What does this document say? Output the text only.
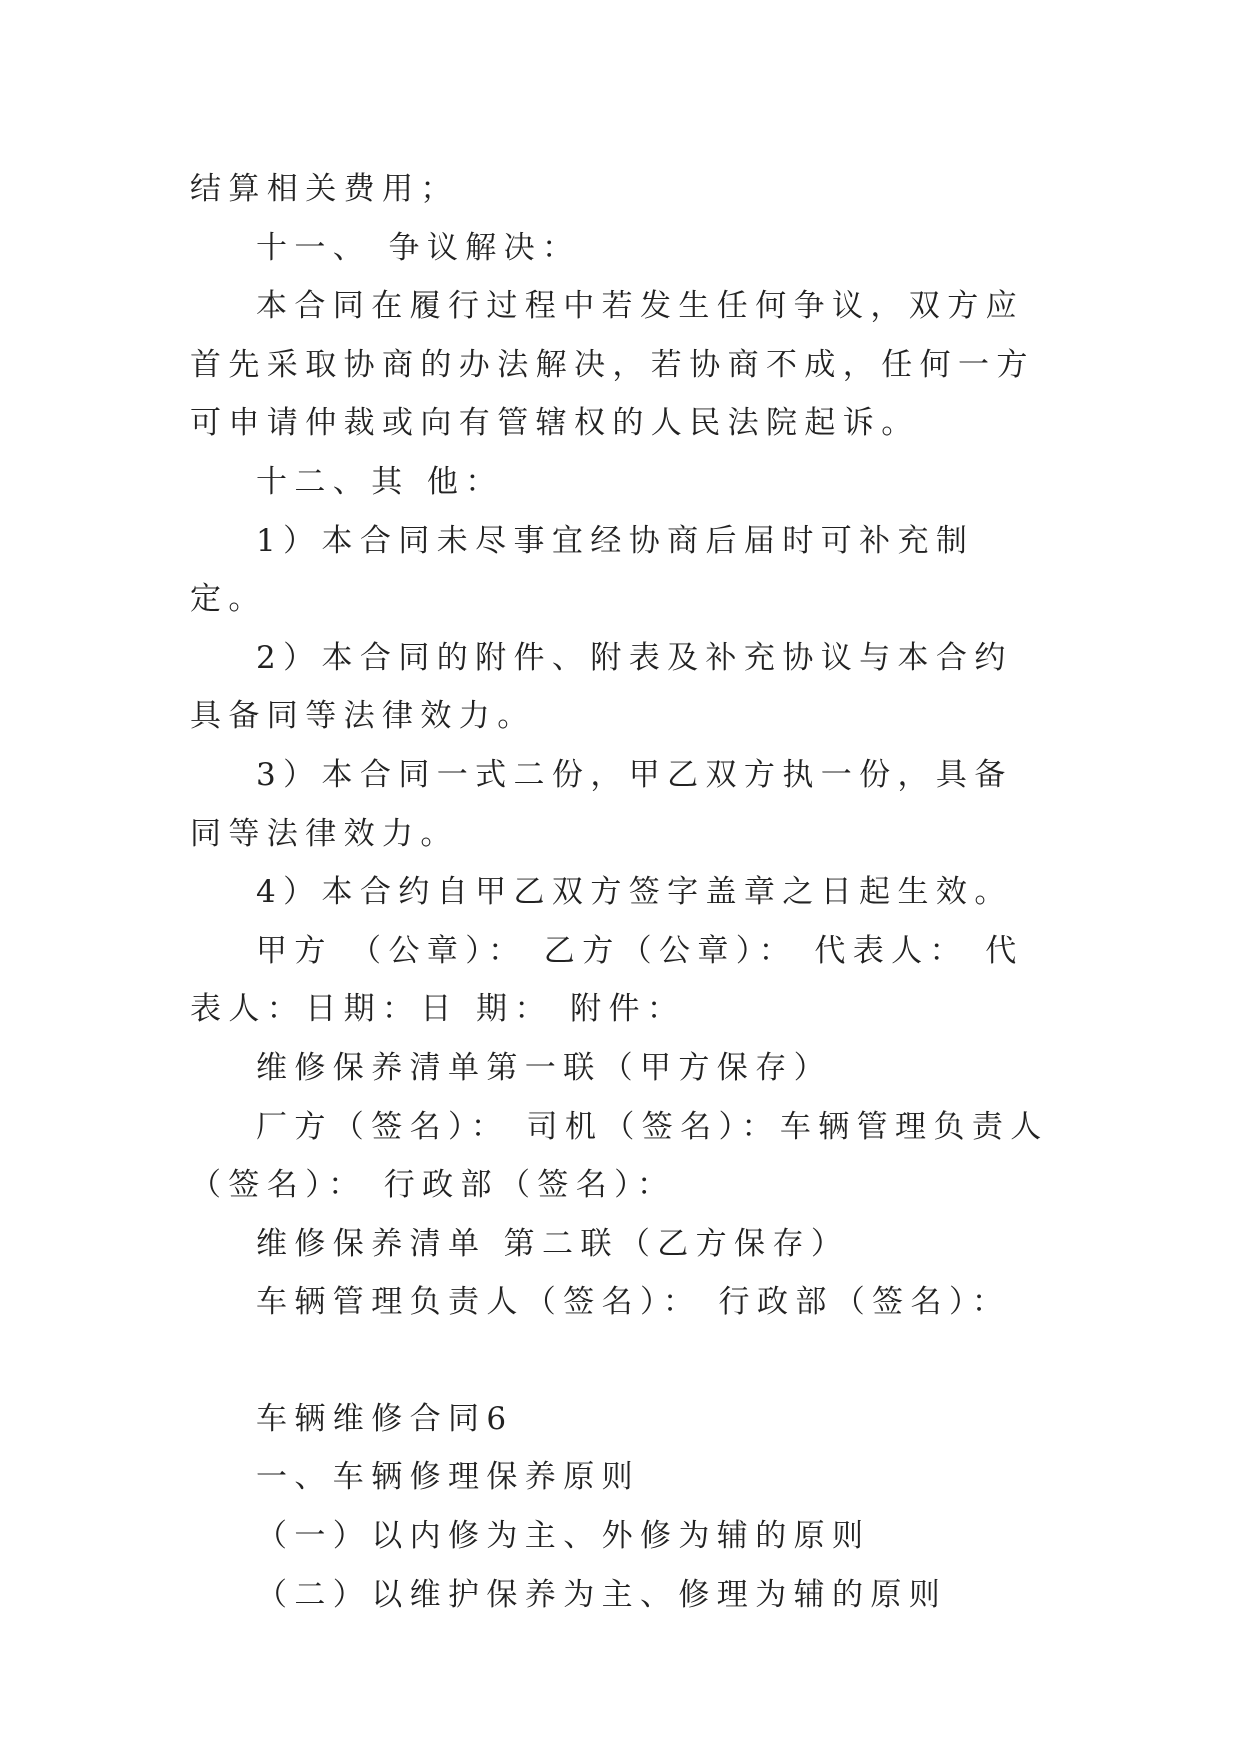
结算相关费用；

十一、 争议解决：

本合同在履行过程中若发生任何争议，双方应首先采取协商的办法解决，若协商不成，任何一方可申请仲裁或向有管辖权的人民法院起诉。

十二、其 他：

1）本合同未尽事宜经协商后届时可补充制定。

2）本合同的附件、附表及补充协议与本合约具备同等法律效力。

3）本合同一式二份，甲乙双方执一份，具备同等法律效力。

4）本合约自甲乙双方签字盖章之日起生效。

甲方 （公章）： 乙方（公章）： 代表人： 代表人：日期：日 期： 附件：

维修保养清单第一联（甲方保存）

厂方（签名）： 司机（签名）：车辆管理负责人（签名）： 行政部（签名）：

维修保养清单 第二联（乙方保存）

车辆管理负责人（签名）： 行政部（签名）：

车辆维修合同6

一、车辆修理保养原则

（一）以内修为主、外修为辅的原则

（二）以维护保养为主、修理为辅的原则
